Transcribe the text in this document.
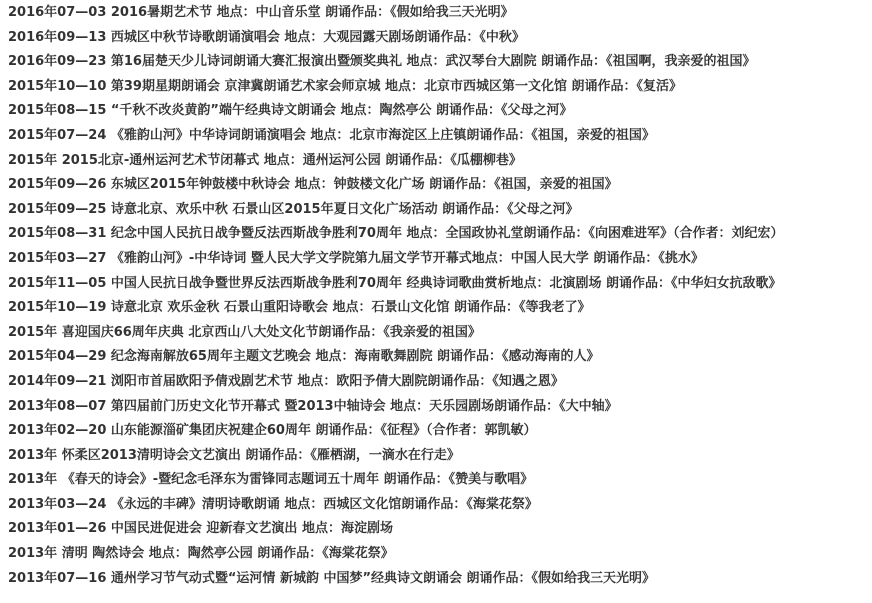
2016年07—03 2016暑期艺术节 地点：中山音乐堂 朗诵作品：《假如给我三天光明》
2016年09—13 西城区中秋节诗歌朗诵演唱会 地点：大观园露天剧场朗诵作品：《中秋》
2016年09—23 第16届楚天少儿诗词朗诵大赛汇报演出暨颁奖典礼 地点：武汉琴台大剧院 朗诵作品：《祖国啊，我亲爱的祖国》
2015年10—10 第39期星期朗诵会 京津冀朗诵艺术家会师京城 地点：北京市西城区第一文化馆 朗诵作品：《复活》
2015年08—15 “千秋不改炎黄韵”端午经典诗文朗诵会 地点：陶然亭公 朗诵作品：《父母之河》
2015年07—24 《雅韵山河》中华诗词朗诵演唱会 地点：北京市海淀区上庄镇朗诵作品：《祖国，亲爱的祖国》
2015年 2015北京-通州运河艺术节闭幕式 地点：通州运河公园 朗诵作品：《瓜棚柳巷》
2015年09—26 东城区2015年钟鼓楼中秋诗会 地点：钟鼓楼文化广场 朗诵作品：《祖国，亲爱的祖国》
2015年09—25 诗意北京、欢乐中秋 石景山区2015年夏日文化广场活动 朗诵作品：《父母之河》
2015年08—31 纪念中国人民抗日战争暨反法西斯战争胜利70周年 地点：全国政协礼堂朗诵作品：《向困难进军》（合作者：刘纪宏）
2015年03—27 《雅韵山河》-中华诗词 暨人民大学文学院第九届文学节开幕式地点：中国人民大学 朗诵作品：《挑水》
2015年11—05 中国人民抗日战争暨世界反法西斯战争胜利70周年 经典诗词歌曲赏析地点：北演剧场 朗诵作品：《中华妇女抗敌歌》
2015年10—19 诗意北京 欢乐金秋 石景山重阳诗歌会 地点：石景山文化馆 朗诵作品：《等我老了》
2015年 喜迎国庆66周年庆典 北京西山八大处文化节朗诵作品：《我亲爱的祖国》
2015年04—29 纪念海南解放65周年主题文艺晚会 地点：海南歌舞剧院 朗诵作品：《感动海南的人》
2014年09—21 浏阳市首届欧阳予倩戏剧艺术节 地点：欧阳予倩大剧院朗诵作品：《知遇之恩》
2013年08—07 第四届前门历史文化节开幕式 暨2013中轴诗会 地点：天乐园剧场朗诵作品：《大中轴》
2013年02—20 山东能源淄矿集团庆祝建企60周年 朗诵作品：《征程》（合作者：郭凯敏）
2013年 怀柔区2013清明诗会文艺演出 朗诵作品：《雁栖湖，一滴水在行走》
2013年 《春天的诗会》-暨纪念毛泽东为雷锋同志题词五十周年 朗诵作品：《赞美与歌唱》
2013年03—24 《永远的丰碑》清明诗歌朗诵 地点：西城区文化馆朗诵作品：《海棠花祭》
2013年01—26 中国民进促进会 迎新春文艺演出 地点：海淀剧场
2013年 清明 陶然诗会 地点：陶然亭公园 朗诵作品：《海棠花祭》
2013年07—16 通州学习节气动式暨“运河情 新城韵 中国梦”经典诗文朗诵会 朗诵作品：《假如给我三天光明》
